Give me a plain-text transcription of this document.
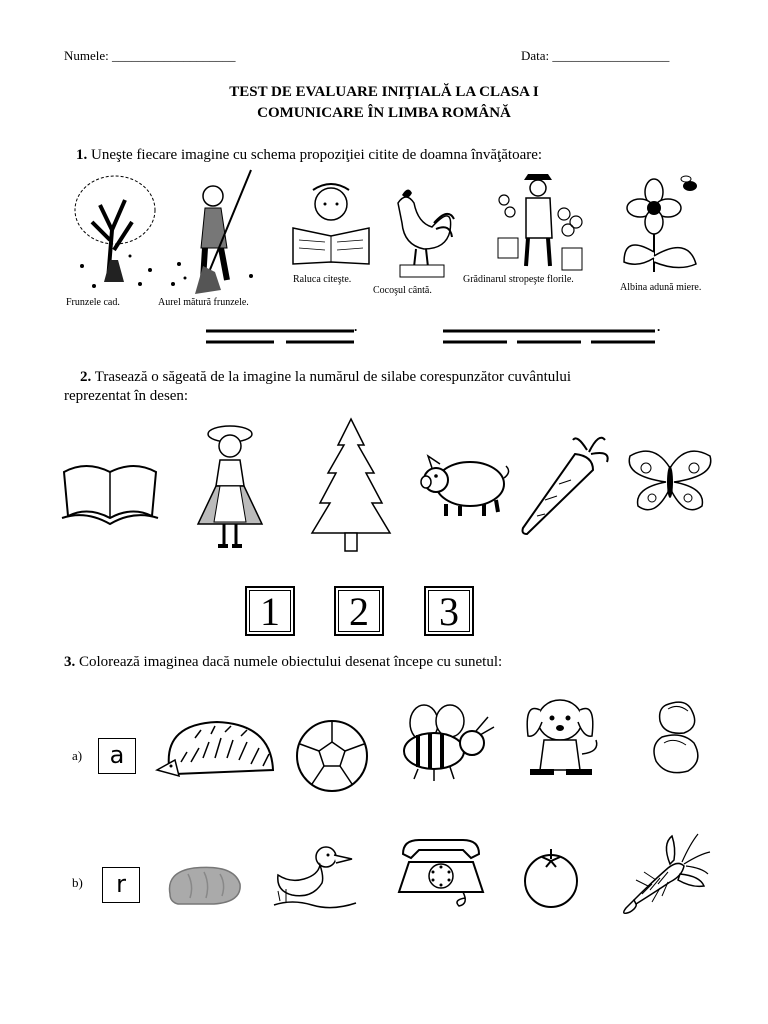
Numele: ___________________	Data: __________________
TEST DE EVALUARE INIŢIALĂ LA CLASA I
COMUNICARE ÎN LIMBA ROMÂNĂ
1. Uneşte fiecare imagine cu schema propoziţiei citite de doamna învăţătoare:
Frunzele cad.	Aurel mătură frunzele.
Raluca citeşte.
Cocoşul cântă.
Grădinarul stropeşte florile.
Albina adună miere.
.	.
2. Trasează o săgeată de la imagine la numărul de silabe corespunzător cuvântului
reprezentat în desen:
1 2 3
3. Colorează imaginea dacă numele obiectului desenat începe cu sunetul:
a)	a
b)	r
